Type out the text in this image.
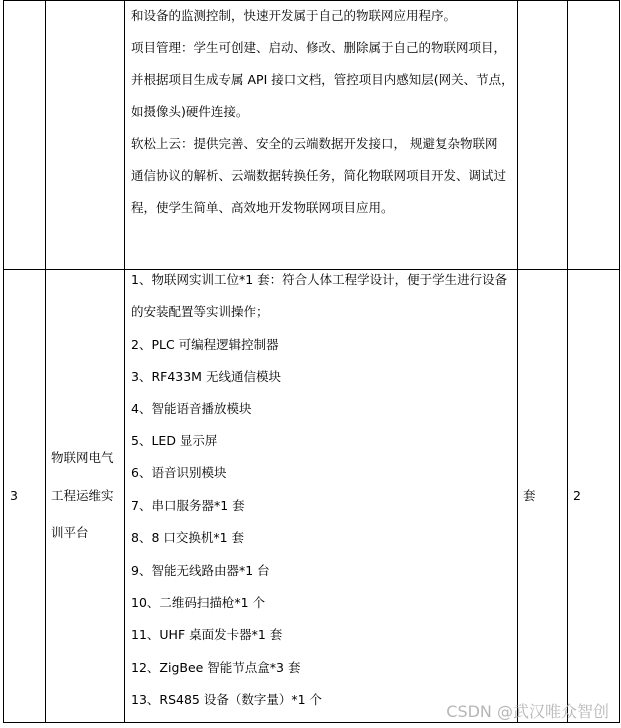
和设备的监测控制，快速开发属于自己的物联网应用程序。
项目管理：学生可创建、启动、修改、删除属于自己的物联网项目，
并根据项目生成专属 API 接口文档，管控项目内感知层(网关、节点，
如摄像头)硬件连接。
软松上云：提供完善、安全的云端数据开发接口， 规避复杂物联网
通信协议的解析、云端数据转换任务，简化物联网项目开发、调试过
程，使学生简单、高效地开发物联网项目应用。
3
物联网电气
工程运维实
训平台
套	2
1、物联网实训工位*1 套：符合人体工程学设计，便于学生进行设备
的安装配置等实训操作；
2、PLC 可编程逻辑控制器
3、RF433M 无线通信模块
4、智能语音播放模块
5、LED 显示屏
6、语音识别模块
7、串口服务器*1 套
8、8 口交换机*1 套
9、智能无线路由器*1 台
10、二维码扫描枪*1 个
11、UHF 桌面发卡器*1 套
12、ZigBee 智能节点盒*3 套
13、RS485 设备（数字量）*1 个
CSDN @武汉唯众智创
